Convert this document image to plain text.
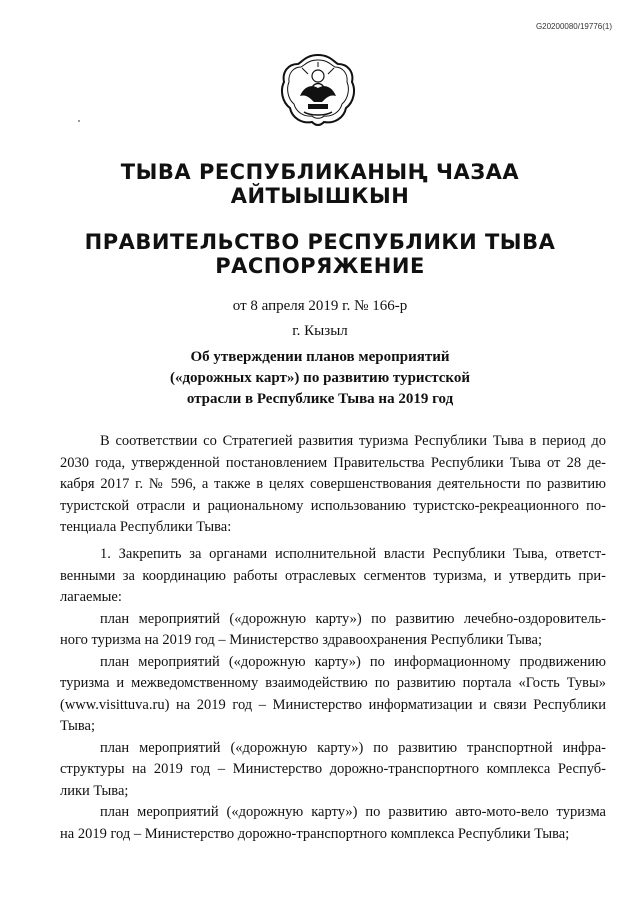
G20200080/19776(1)
ТЫВА РЕСПУБЛИКАНЫҢ ЧАЗАА
АЙТЫЫШКЫН
ПРАВИТЕЛЬСТВО РЕСПУБЛИКИ ТЫВА
РАСПОРЯЖЕНИЕ
от 8 апреля 2019 г. № 166-р
г. Кызыл
Об утверждении планов мероприятий
(«дорожных карт») по развитию туристской
отрасли в Республике Тыва на 2019 год
В соответствии со Стратегией развития туризма Республики Тыва в период до
2030 года, утвержденной постановлением Правительства Республики Тыва от 28 де-
кабря 2017 г. № 596, а также в целях совершенствования деятельности по развитию
туристской отрасли и рациональному использованию туристско-рекреационного по-
тенциала Республики Тыва:
1. Закрепить за органами исполнительной власти Республики Тыва, ответст-
венными за координацию работы отраслевых сегментов туризма, и утвердить при-
лагаемые:
план мероприятий («дорожную карту») по развитию лечебно-оздоровитель-
ного туризма на 2019 год – Министерство здравоохранения Республики Тыва;
план мероприятий («дорожную карту») по информационному продвижению
туризма и межведомственному взаимодействию по развитию портала «Гость Тувы»
(www.visittuva.ru) на 2019 год – Министерство информатизации и связи Республики
Тыва;
план мероприятий («дорожную карту») по развитию транспортной инфра-
структуры на 2019 год – Министерство дорожно-транспортного комплекса Респуб-
лики Тыва;
план мероприятий («дорожную карту») по развитию авто-мото-вело туризма
на 2019 год – Министерство дорожно-транспортного комплекса Республики Тыва;
